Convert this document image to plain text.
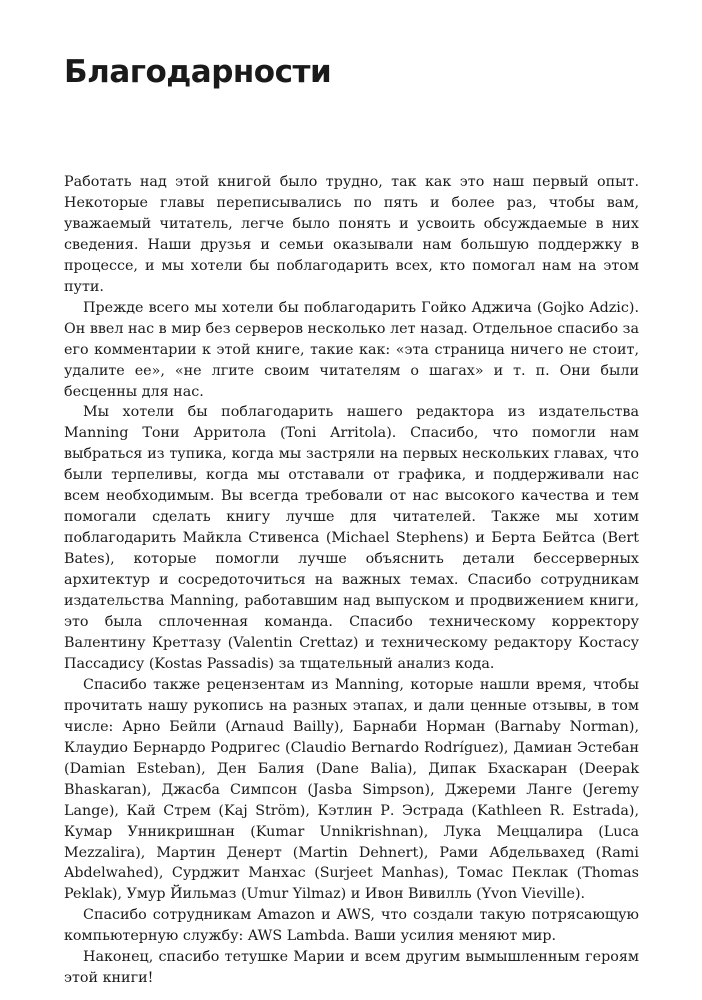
Благодарности

Работать над этой книгой было трудно, так как это наш первый опыт. Некоторые главы переписывались по пять и более раз, чтобы вам, уважаемый читатель, легче было понять и усвоить обсуждаемые в них сведения. Наши друзья и семьи оказывали нам большую поддержку в процессе, и мы хотели бы поблагодарить всех, кто помогал нам на этом пути.

Прежде всего мы хотели бы поблагодарить Гойко Аджича (Gojko Adzic). Он ввел нас в мир без серверов несколько лет назад. Отдельное спасибо за его комментарии к этой книге, такие как: «эта страница ничего не стоит, удалите ее», «не лгите своим читателям о шагах» и т. п. Они были бесценны для нас.

Мы хотели бы поблагодарить нашего редактора из издательства Manning Тони Арритола (Toni Arritola). Спасибо, что помогли нам выбраться из тупика, когда мы застряли на первых нескольких главах, что были терпеливы, когда мы отставали от графика, и поддерживали нас всем необходимым. Вы всегда требовали от нас высокого качества и тем помогали сделать книгу лучше для читателей. Также мы хотим поблагодарить Майкла Стивенса (Michael Stephens) и Берта Бейтса (Bert Bates), которые помогли лучше объяснить детали бессерверных архитектур и сосредоточиться на важных темах. Спасибо сотрудникам издательства Manning, работавшим над выпуском и продвижением книги, это была сплоченная команда. Спасибо техническому корректору Валентину Креттазу (Valentin Crettaz) и техническому редактору Костасу Пассадису (Kostas Passadis) за тщательный анализ кода.

Спасибо также рецензентам из Manning, которые нашли время, чтобы прочитать нашу рукопись на разных этапах, и дали ценные отзывы, в том числе: Арно Бейли (Arnaud Bailly), Барнаби Норман (Barnaby Norman), Клаудио Бернардо Родригес (Claudio Bernardo Rodríguez), Дамиан Эстебан (Damian Esteban), Ден Балия (Dane Balia), Дипак Бхаскаран (Deepak Bhaskaran), Джасба Симпсон (Jasba Simpson), Джереми Ланге (Jeremy Lange), Кай Стрем (Kaj Ström), Кэтлин Р. Эстрада (Kathleen R. Estrada), Кумар Унникришнан (Kumar Unnikrishnan), Лука Меццалира (Luca Mezzalira), Мартин Денерт (Martin Dehnert), Рами Абдельвахед (Rami Abdelwahed), Сурджит Манхас (Surjeet Manhas), Томас Пеклак (Thomas Peklak), Умур Йильмаз (Umur Yilmaz) и Ивон Вивилль (Yvon Vieville).

Спасибо сотрудникам Amazon и AWS, что создали такую потрясающую компьютерную службу: AWS Lambda. Ваши усилия меняют мир.

Наконец, спасибо тетушке Марии и всем другим вымышленным героям этой книги!
